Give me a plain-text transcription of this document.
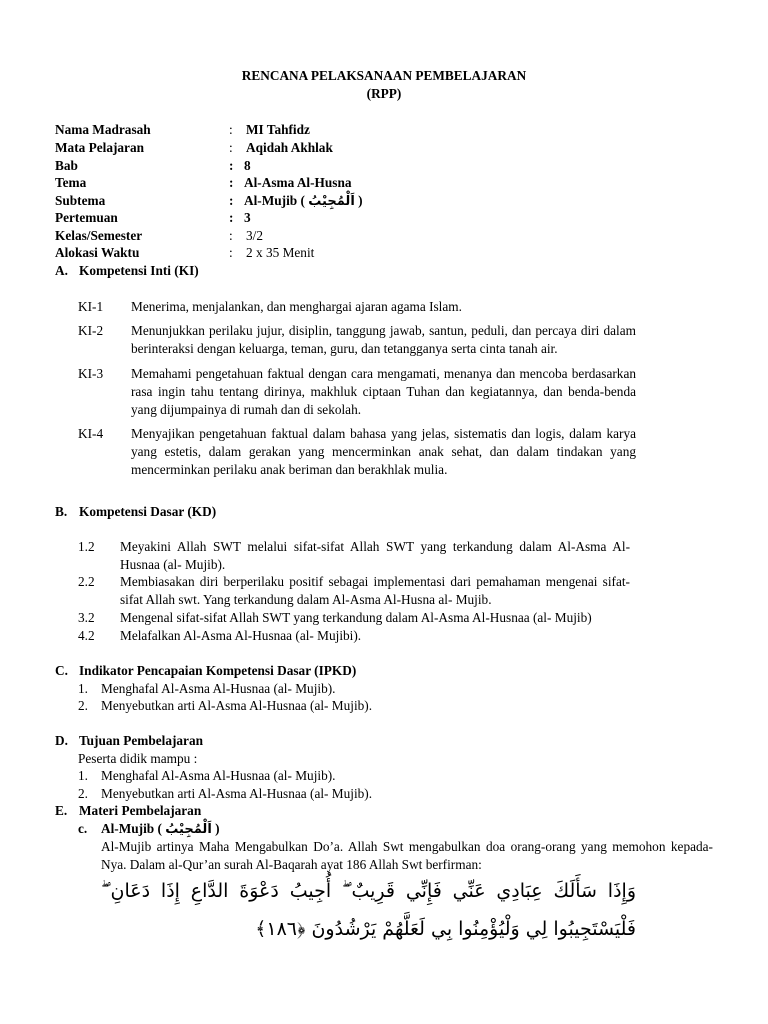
RENCANA PELAKSANAAN PEMBELAJARAN
(RPP)
Nama Madrasah	: MI Tahfidz
Mata Pelajaran	: Aqidah Akhlak
Bab	: 8
Tema	: Al-Asma Al-Husna
Subtema	: Al-Mujib ( اَلْمُجِيْبُ )
Pertemuan	: 3
Kelas/Semester	: 3/2
Alokasi Waktu	: 2 x 35 Menit
A. Kompetensi Inti (KI)
KI-1 Menerima, menjalankan, dan menghargai ajaran agama Islam.
KI-2 Menunjukkan perilaku jujur, disiplin, tanggung jawab, santun, peduli, dan percaya diri dalam berinteraksi dengan keluarga, teman, guru, dan tetangganya serta cinta tanah air.
KI-3 Memahami pengetahuan faktual dengan cara mengamati, menanya dan mencoba berdasarkan rasa ingin tahu tentang dirinya, makhluk ciptaan Tuhan dan kegiatannya, dan benda-benda yang dijumpainya di rumah dan di sekolah.
KI-4 Menyajikan pengetahuan faktual dalam bahasa yang jelas, sistematis dan logis, dalam karya yang estetis, dalam gerakan yang mencerminkan anak sehat, dan dalam tindakan yang mencerminkan perilaku anak beriman dan berakhlak mulia.
B. Kompetensi Dasar (KD)
1.2 Meyakini Allah SWT melalui sifat-sifat Allah SWT yang terkandung dalam Al-Asma Al-Husnaa (al- Mujib).
2.2 Membiasakan diri berperilaku positif sebagai implementasi dari pemahaman mengenai sifat-sifat Allah swt. Yang terkandung dalam Al-Asma Al-Husna al- Mujib.
3.2 Mengenal sifat-sifat Allah SWT yang terkandung dalam Al-Asma Al-Husnaa (al- Mujib)
4.2 Melafalkan Al-Asma Al-Husnaa (al- Mujibi).
C. Indikator Pencapaian Kompetensi Dasar (IPKD)
1. Menghafal Al-Asma Al-Husnaa (al- Mujib).
2. Menyebutkan arti Al-Asma Al-Husnaa (al- Mujib).
D. Tujuan Pembelajaran
Peserta didik mampu :
1. Menghafal Al-Asma Al-Husnaa (al- Mujib).
2. Menyebutkan arti Al-Asma Al-Husnaa (al- Mujib).
E. Materi Pembelajaran
c. Al-Mujib ( اَلْمُجِيْبُ )
Al-Mujib artinya Maha Mengabulkan Do’a. Allah Swt mengabulkan doa orang-orang yang memohon kepada-Nya. Dalam al-Qur’an surah Al-Baqarah ayat 186 Allah Swt berfirman:
وَإِذَا سَأَلَكَ عِبَادِي عَنِّي فَإِنِّي قَرِيبٌ ۖ أُجِيبُ دَعْوَةَ الدَّاعِ إِذَا دَعَانِ ۖ فَلْيَسْتَجِيبُوا لِي وَلْيُؤْمِنُوا بِي لَعَلَّهُمْ يَرْشُدُونَ ﴿١٨٦﴾
